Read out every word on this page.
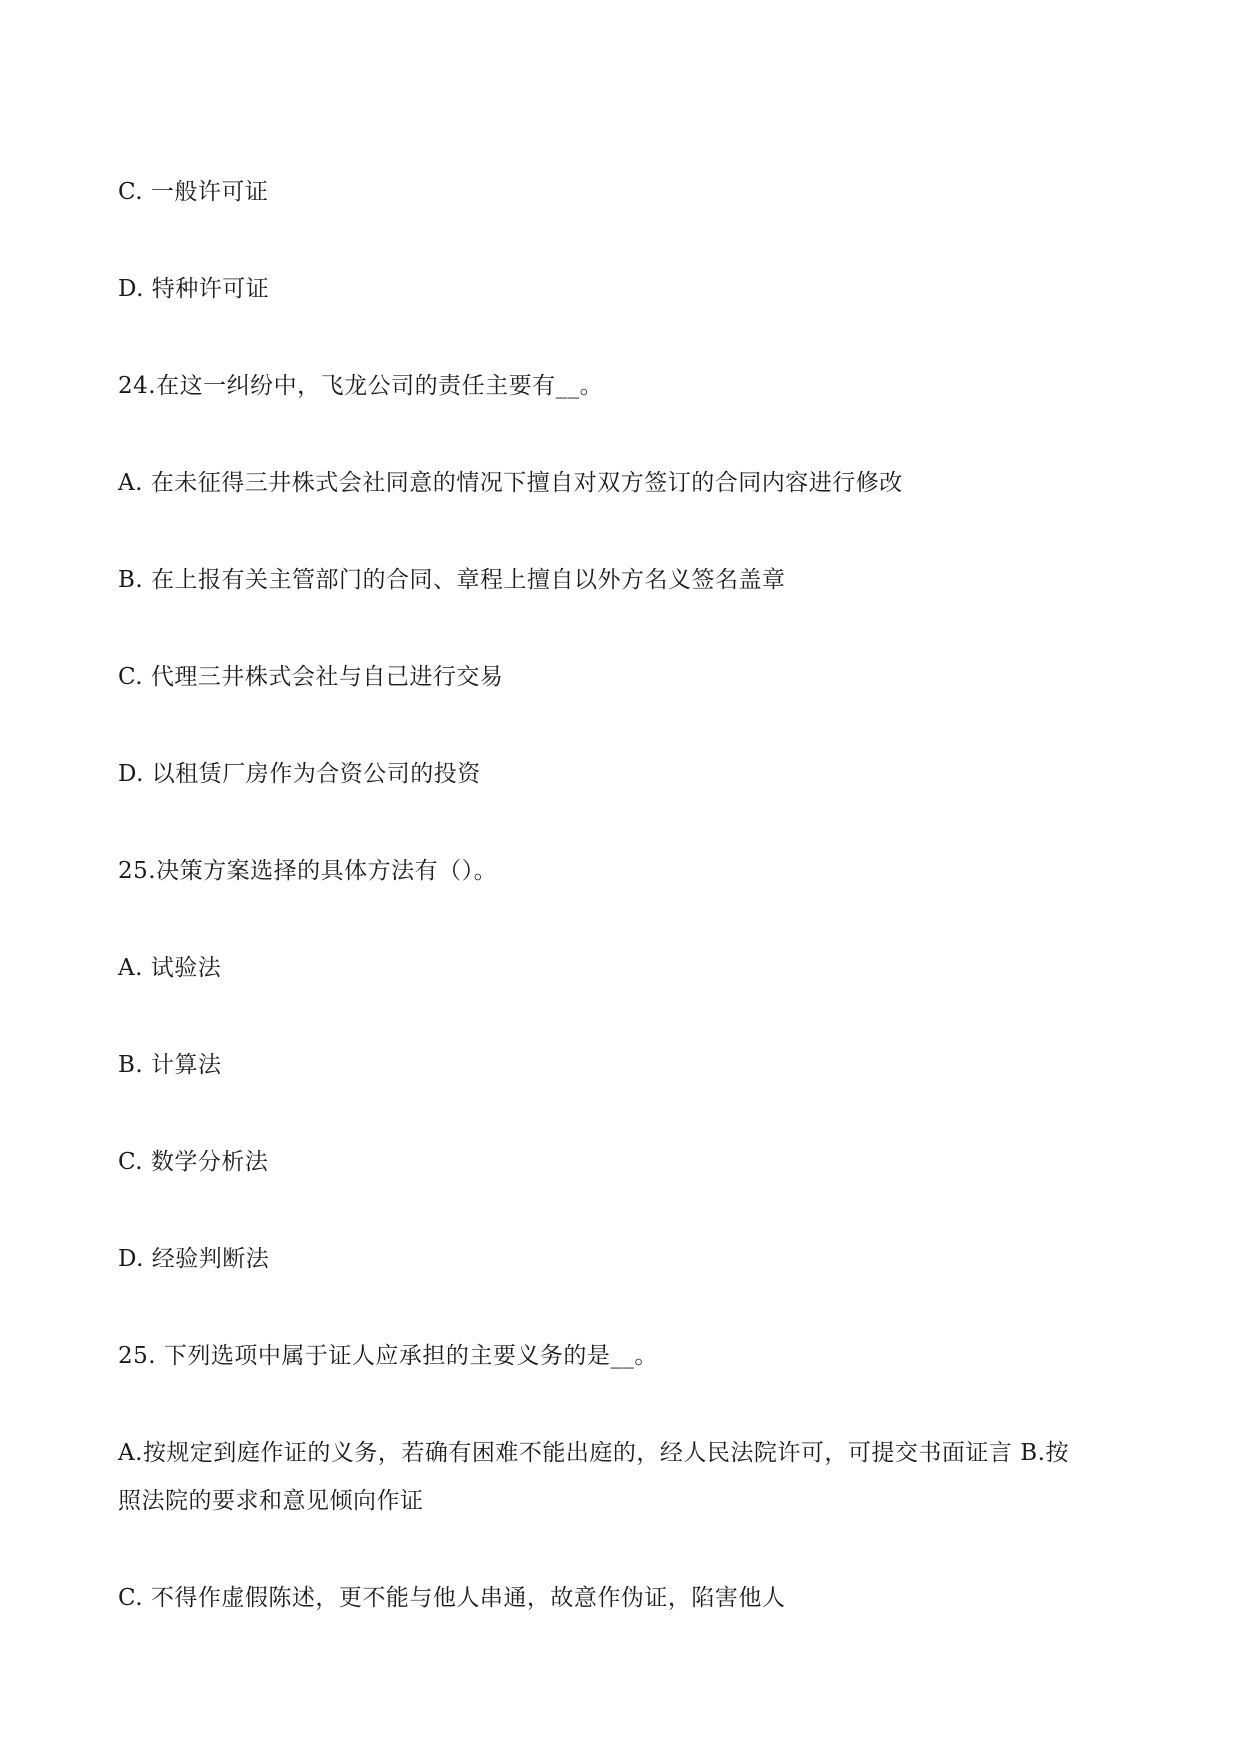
C. 一般许可证
D. 特种许可证
24.在这一纠纷中，飞龙公司的责任主要有__。
A. 在未征得三井株式会社同意的情况下擅自对双方签订的合同内容进行修改
B. 在上报有关主管部门的合同、章程上擅自以外方名义签名盖章
C. 代理三井株式会社与自己进行交易
D. 以租赁厂房作为合资公司的投资
25.决策方案选择的具体方法有（）。
A. 试验法
B. 计算法
C. 数学分析法
D. 经验判断法
25. 下列选项中属于证人应承担的主要义务的是__。
A.按规定到庭作证的义务，若确有困难不能出庭的，经人民法院许可，可提交书面证言 B.按
照法院的要求和意见倾向作证
C. 不得作虚假陈述，更不能与他人串通，故意作伪证，陷害他人
